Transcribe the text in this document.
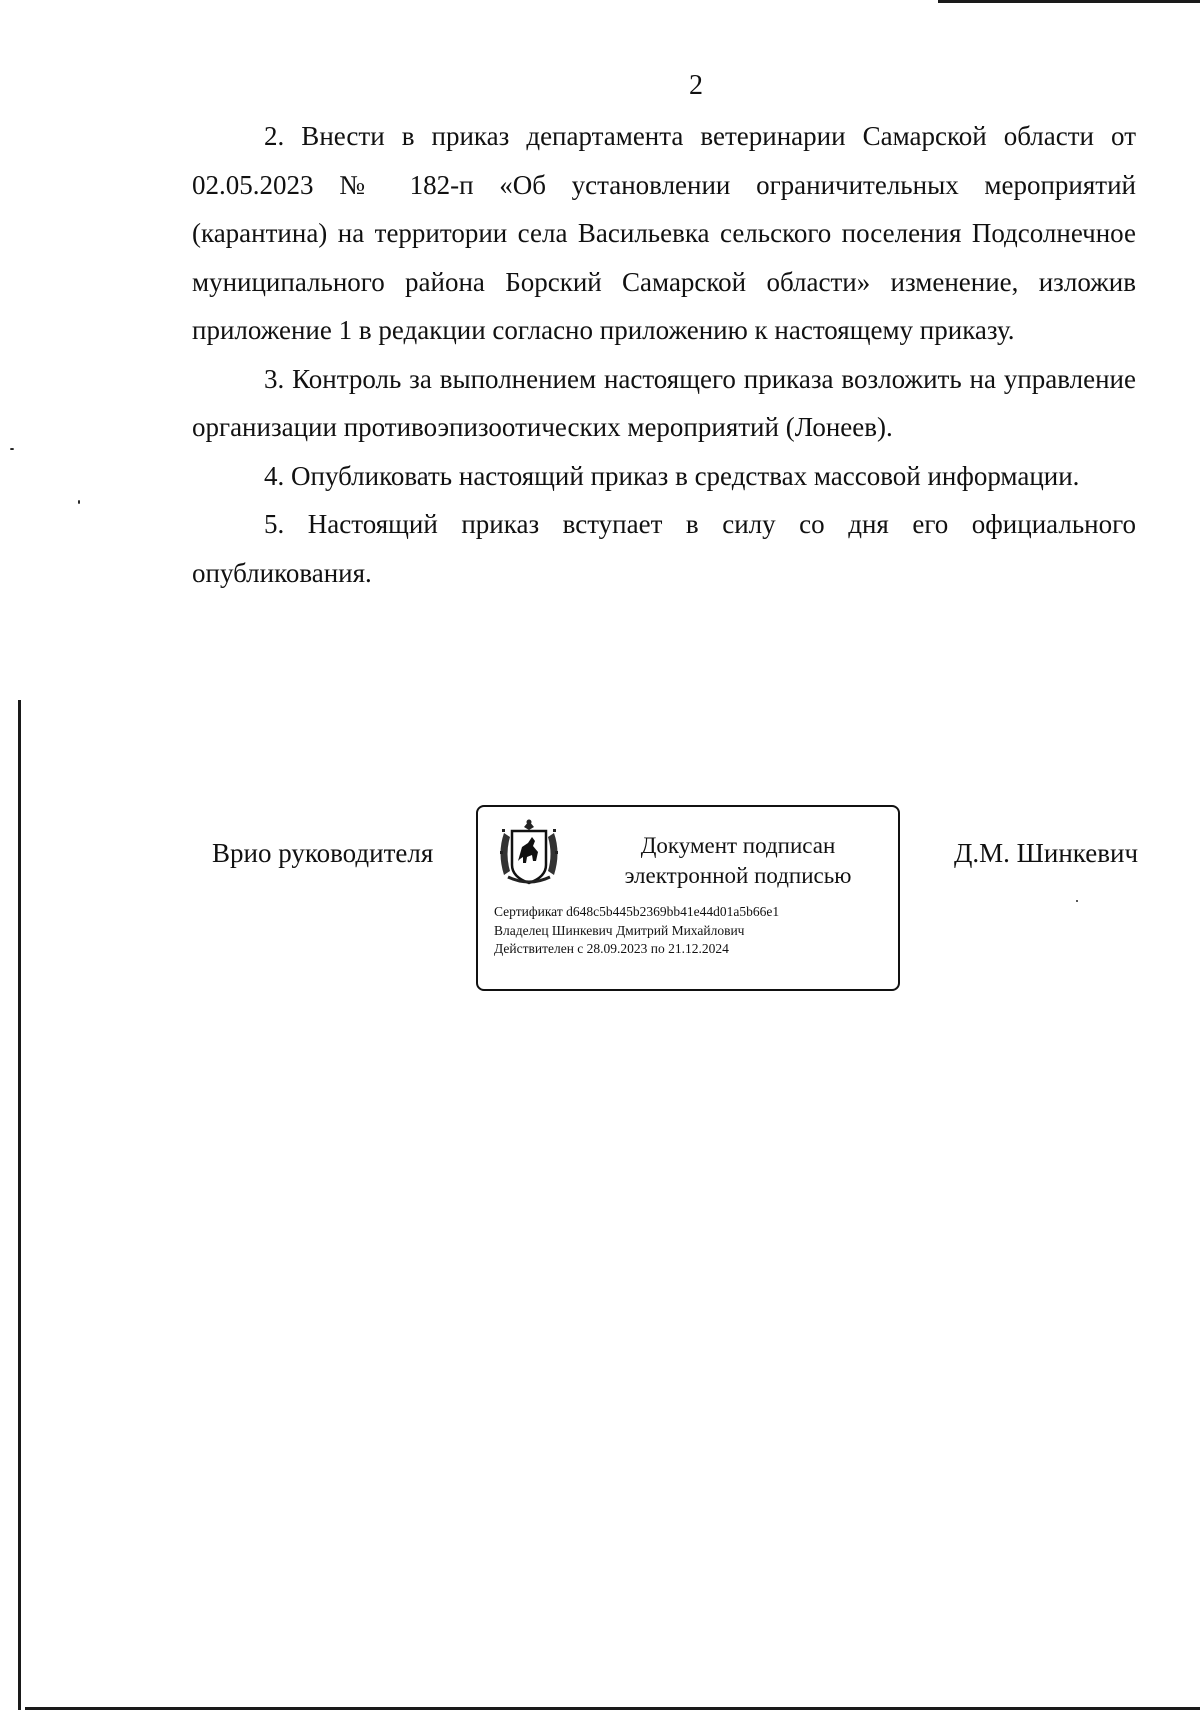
2

2. Внести в приказ департамента ветеринарии Самарской области от 02.05.2023 № 182-п «Об установлении ограничительных мероприятий (карантина) на территории села Васильевка сельского поселения Подсолнечное муниципального района Борский Самарской области» изменение, изложив приложение 1 в редакции согласно приложению к настоящему приказу.

3. Контроль за выполнением настоящего приказа возложить на управление организации противоэпизоотических мероприятий (Лонеев).

4. Опубликовать настоящий приказ в средствах массовой информации.

5. Настоящий приказ вступает в силу со дня его официального опубликования.

Врио руководителя	Документ подписан
электронной подписью
Сертификат d648c5b445b2369bb41e44d01a5b66e1
Владелец Шинкевич Дмитрий Михайлович
Действителен с 28.09.2023 по 21.12.2024
Д.М. Шинкевич
